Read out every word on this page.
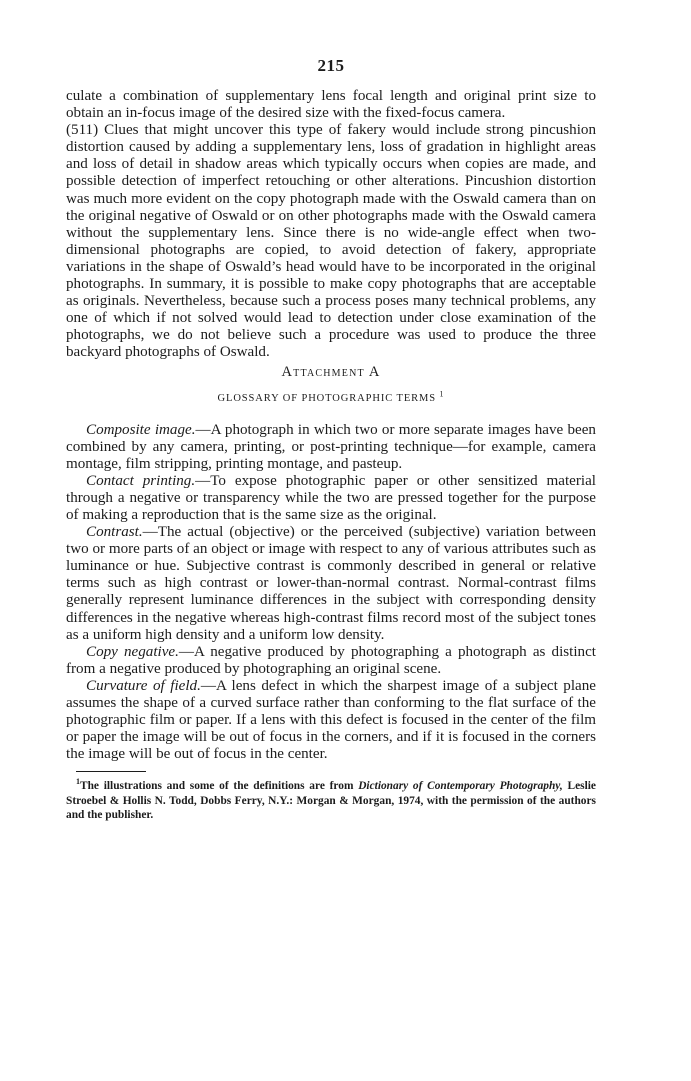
215

culate a combination of supplementary lens focal length and original print size to obtain an in-focus image of the desired size with the fixed-focus camera.

(511) Clues that might uncover this type of fakery would include strong pincushion distortion caused by adding a supplementary lens, loss of gradation in highlight areas and loss of detail in shadow areas which typically occurs when copies are made, and possible detection of imperfect retouching or other alterations. Pincushion distortion was much more evident on the copy photograph made with the Oswald camera than on the original negative of Oswald or on other photographs made with the Oswald camera without the supplementary lens. Since there is no wide-angle effect when two-dimensional photographs are copied, to avoid detection of fakery, appropriate variations in the shape of Oswald’s head would have to be incorporated in the original photographs. In summary, it is possible to make copy photographs that are acceptable as originals. Nevertheless, because such a process poses many technical problems, any one of which if not solved would lead to detection under close examination of the photographs, we do not believe such a procedure was used to produce the three backyard photographs of Oswald.

Attachment A
GLOSSARY OF PHOTOGRAPHIC TERMS $^1$

Composite image.—A photograph in which two or more separate images have been combined by any camera, printing, or post-printing technique—for example, camera montage, film stripping, printing montage, and pasteup.

Contact printing.—To expose photographic paper or other sensitized material through a negative or transparency while the two are pressed together for the purpose of making a reproduction that is the same size as the original.

Contrast.—The actual (objective) or the perceived (subjective) variation between two or more parts of an object or image with respect to any of various attributes such as luminance or hue. Subjective contrast is commonly described in general or relative terms such as high contrast or lower-than-normal contrast. Normal-contrast films generally represent luminance differences in the subject with corresponding density differences in the negative whereas high-contrast films record most of the subject tones as a uniform high density and a uniform low density.

Copy negative.—A negative produced by photographing a photograph as distinct from a negative produced by photographing an original scene.

Curvature of field.—A lens defect in which the sharpest image of a subject plane assumes the shape of a curved surface rather than conforming to the flat surface of the photographic film or paper. If a lens with this defect is focused in the center of the film or paper the image will be out of focus in the corners, and if it is focused in the corners the image will be out of focus in the center.

$^1$The illustrations and some of the definitions are from Dictionary of Contemporary Photography, Leslie Stroebel & Hollis N. Todd, Dobbs Ferry, N.Y.: Morgan & Morgan, 1974, with the permission of the authors and the publisher.
